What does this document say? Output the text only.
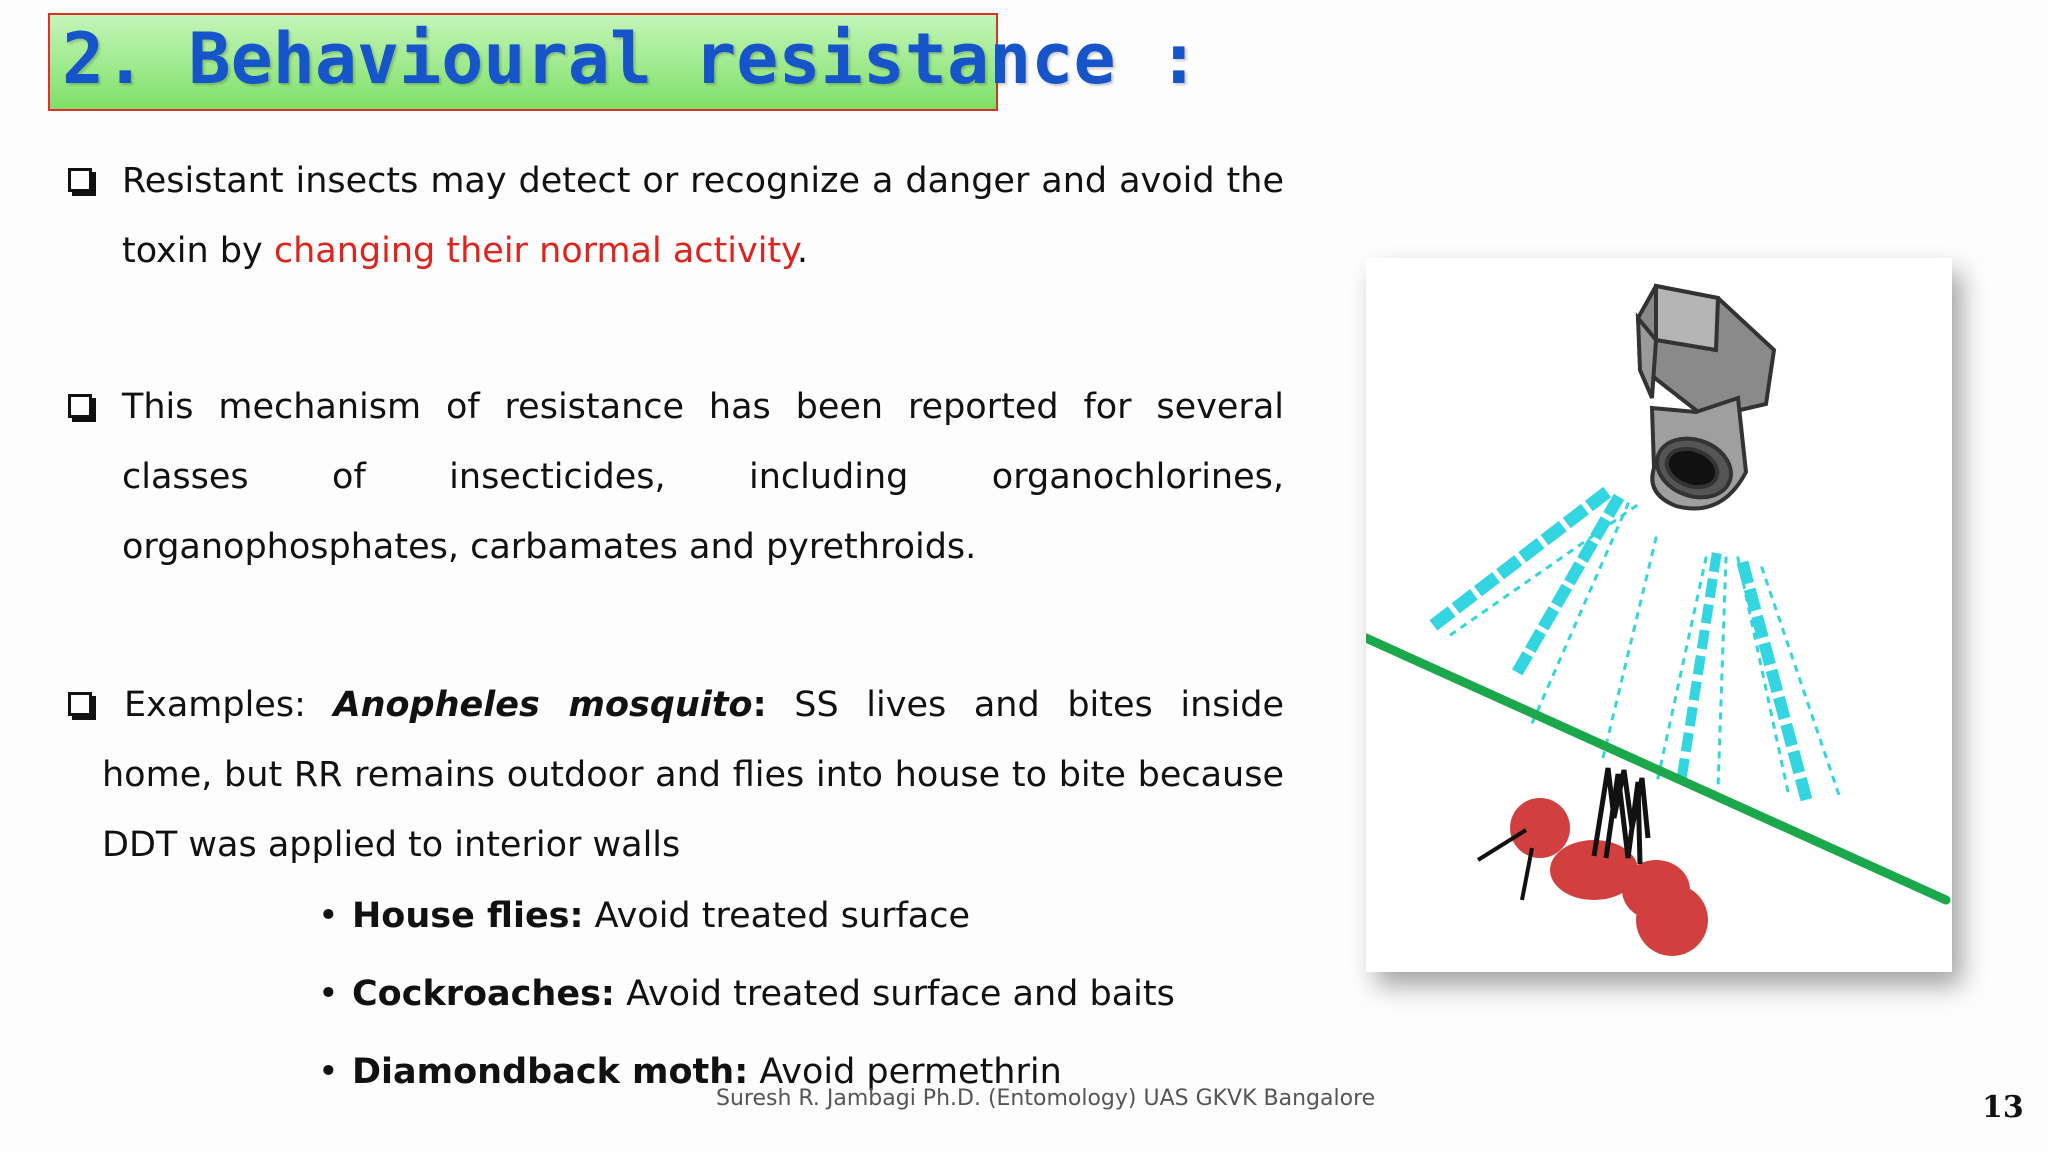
2. Behavioural resistance :
Resistant insects may detect or recognize a danger and avoid the toxin by changing their normal activity.
This mechanism of resistance has been reported for several classes of insecticides, including organochlorines, organophosphates, carbamates and pyrethroids.
Examples: Anopheles mosquito: SS lives and bites inside home, but RR remains outdoor and flies into house to bite because DDT was applied to interior walls
• House flies: Avoid treated surface
• Cockroaches: Avoid treated surface and baits
• Diamondback moth: Avoid permethrin
Suresh R. Jambagi Ph.D. (Entomology) UAS GKVK Bangalore	13
